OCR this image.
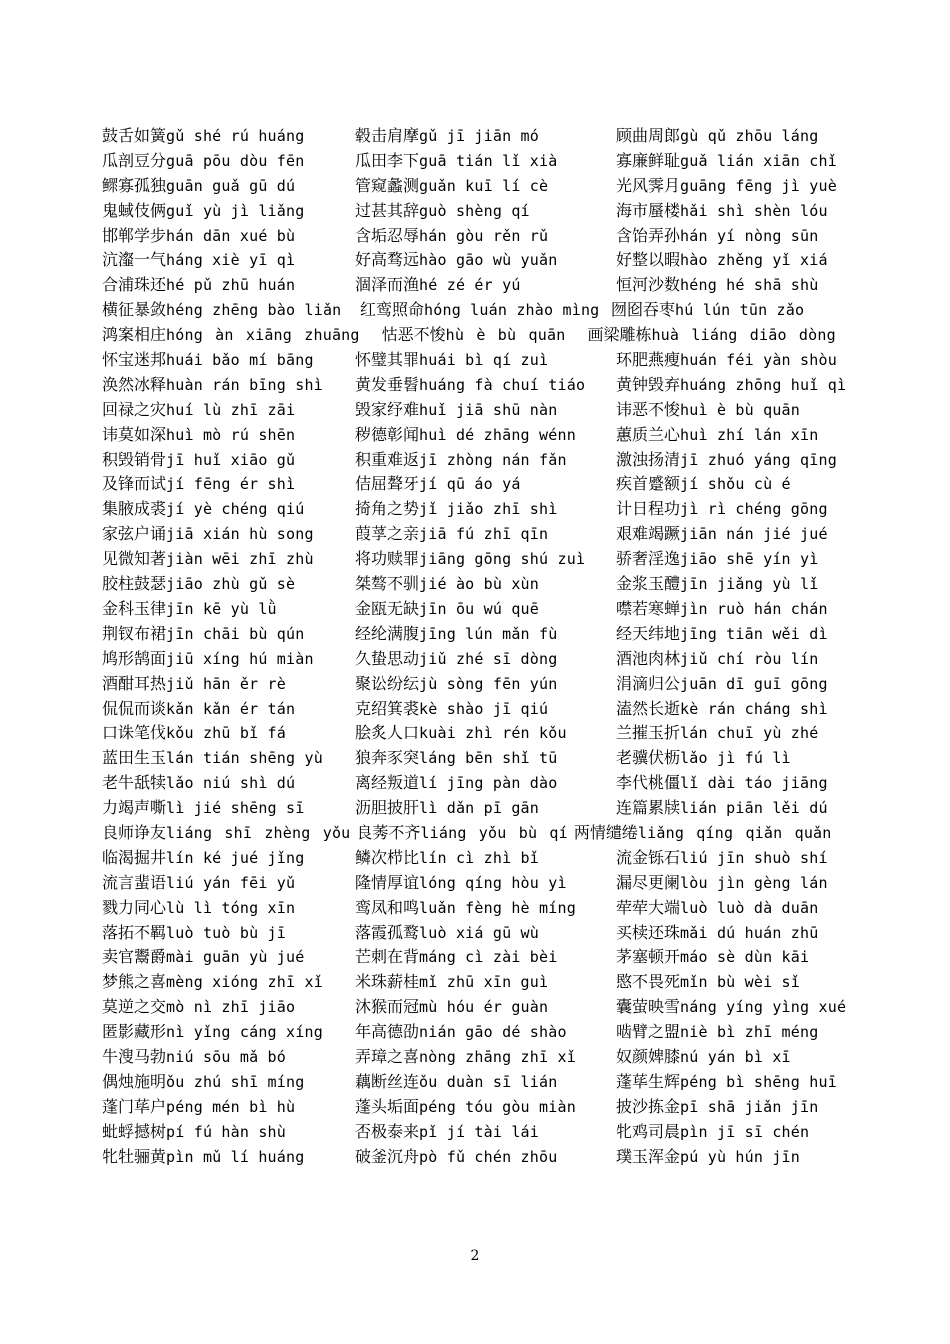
鼓舌如簧gǔ shé rú huáng	毂击肩摩gǔ jī jiān mó	顾曲周郎gù qǔ zhōu láng
瓜剖豆分guā pōu dòu fēn	瓜田李下guā tián lǐ xià	寡廉鲜耻guǎ lián xiān chǐ
鳏寡孤独guān guǎ gū dú	管窥蠡测guǎn kuī lí cè	光风霁月guāng fēng jì yuè
鬼蜮伎俩guǐ yù jì liǎng	过甚其辞guò shèng qí	海市蜃楼hǎi shì shèn lóu
邯郸学步hán dān xué bù	含垢忍辱hán gòu rěn rǔ	含饴弄孙hán yí nòng sūn
沆瀣一气háng xiè yī qì	好高骛远hào gāo wù yuǎn	好整以暇hào zhěng yǐ xiá
合浦珠还hé pǔ zhū huán	涸泽而渔hé zé ér yú	恒河沙数héng hé shā shù
横征暴敛héng zhēng bào liǎn 红鸾照命hóng luán zhào mìng 囫囵吞枣hú lún tūn zǎo
鸿案相庄hóng àn xiāng zhuāng 怙恶不悛hù è bù quān 画梁雕栋huà liáng diāo dòng
怀宝迷邦huái bǎo mí bāng	怀璧其罪huái bì qí zuì	环肥燕瘦huán féi yàn shòu
涣然冰释huàn rán bīng shì 黄发垂髫huáng fà chuí tiáo 黄钟毁弃huáng zhōng huǐ qì
回禄之灾huí lù zhī zāi	毁家纾难huǐ jiā shū nàn	讳恶不悛huì è bù quān
讳莫如深huì mò rú shēn	秽德彰闻huì dé zhāng wénn	蕙质兰心huì zhí lán xīn
积毁销骨jī huǐ xiāo gǔ	积重难返jī zhòng nán fǎn	激浊扬清jī zhuó yáng qīng
及锋而试jí fēng ér shì	佶屈聱牙jí qū áo yá	疾首蹙额jí shǒu cù é
集腋成裘jí yè chéng qiú	掎角之势jǐ jiǎo zhī shì	计日程功jì rì chéng gōng
家弦户诵jiā xián hù song	葭莩之亲jiā fú zhī qīn	艰难竭蹶jiān nán jié jué
见微知著jiàn wēi zhī zhù	将功赎罪jiāng gōng shú zuì 骄奢淫逸jiāo shē yín yì
胶柱鼓瑟jiāo zhù gǔ sè	桀骜不驯jié ào bù xùn	金浆玉醴jīn jiǎng yù lǐ
金科玉律jīn kē yù lǜ	金瓯无缺jīn ōu wú quē	噤若寒蝉jìn ruò hán chán
荆钗布裙jīn chāi bù qún	经纶满腹jīng lún mǎn fù	经天纬地jīng tiān wěi dì
鸠形鹄面jiū xíng hú miàn	久蛰思动jiǔ zhé sī dòng	酒池肉林jiǔ chí ròu lín
酒酣耳热jiǔ hān ěr rè	聚讼纷纭jù sòng fēn yún	涓滴归公juān dī guī gōng
侃侃而谈kǎn kǎn ér tán	克绍箕裘kè shào jī qiú	溘然长逝kè rán cháng shì
口诛笔伐kǒu zhū bǐ fá	脍炙人口kuài zhì rén kǒu	兰摧玉折lán chuī yù zhé
蓝田生玉lán tián shēng yù 狼奔豕突láng bēn shǐ tū	老骥伏枥lǎo jì fú lì
老牛舐犊lǎo niú shì dú	离经叛道lí jīng pàn dào	李代桃僵lǐ dài táo jiāng
力竭声嘶lì jié shēng sī	沥胆披肝lì dǎn pī gān	连篇累牍lián piān lěi dú
良师诤友liáng shī zhèng yǒu 良莠不齐liáng yǒu bù qí 两情缱绻liǎng qíng qiǎn quǎn
临渴掘井lín ké jué jǐng	鳞次栉比lín cì zhì bǐ	流金铄石liú jīn shuò shí
流言蜚语liú yán fēi yǔ	隆情厚谊lóng qíng hòu yì	漏尽更阑lòu jìn gèng lán
戮力同心lù lì tóng xīn	鸾凤和鸣luǎn fèng hè míng	荦荦大端luò luò dà duān
落拓不羁luò tuò bù jī	落霞孤鹜luò xiá gū wù	买椟还珠mǎi dú huán zhū
卖官鬻爵mài guān yù jué	芒刺在背máng cì zài bèi	茅塞顿开máo sè dùn kāi
梦熊之喜mèng xióng zhī xǐ 米珠薪桂mǐ zhū xīn guì	愍不畏死mǐn bù wèi sǐ
莫逆之交mò nì zhī jiāo	沐猴而冠mù hóu ér guàn	囊萤映雪náng yíng yìng xué
匿影藏形nì yǐng cáng xíng 年高德劭nián gāo dé shào	啮臂之盟niè bì zhī méng
牛溲马勃niú sōu mǎ bó	弄璋之喜nòng zhāng zhī xǐ	奴颜婢膝nú yán bì xī
偶烛施明ǒu zhú shī míng	藕断丝连ǒu duàn sī lián	蓬荜生辉péng bì shēng huī
蓬门荜户péng mén bì hù	蓬头垢面péng tóu gòu miàn	披沙拣金pī shā jiǎn jīn
蚍蜉撼树pí fú hàn shù	否极泰来pǐ jí tài lái	牝鸡司晨pìn jī sī chén
牝牡骊黄pìn mǔ lí huáng	破釜沉舟pò fǔ chén zhōu	璞玉浑金pú yù hún jīn
2
